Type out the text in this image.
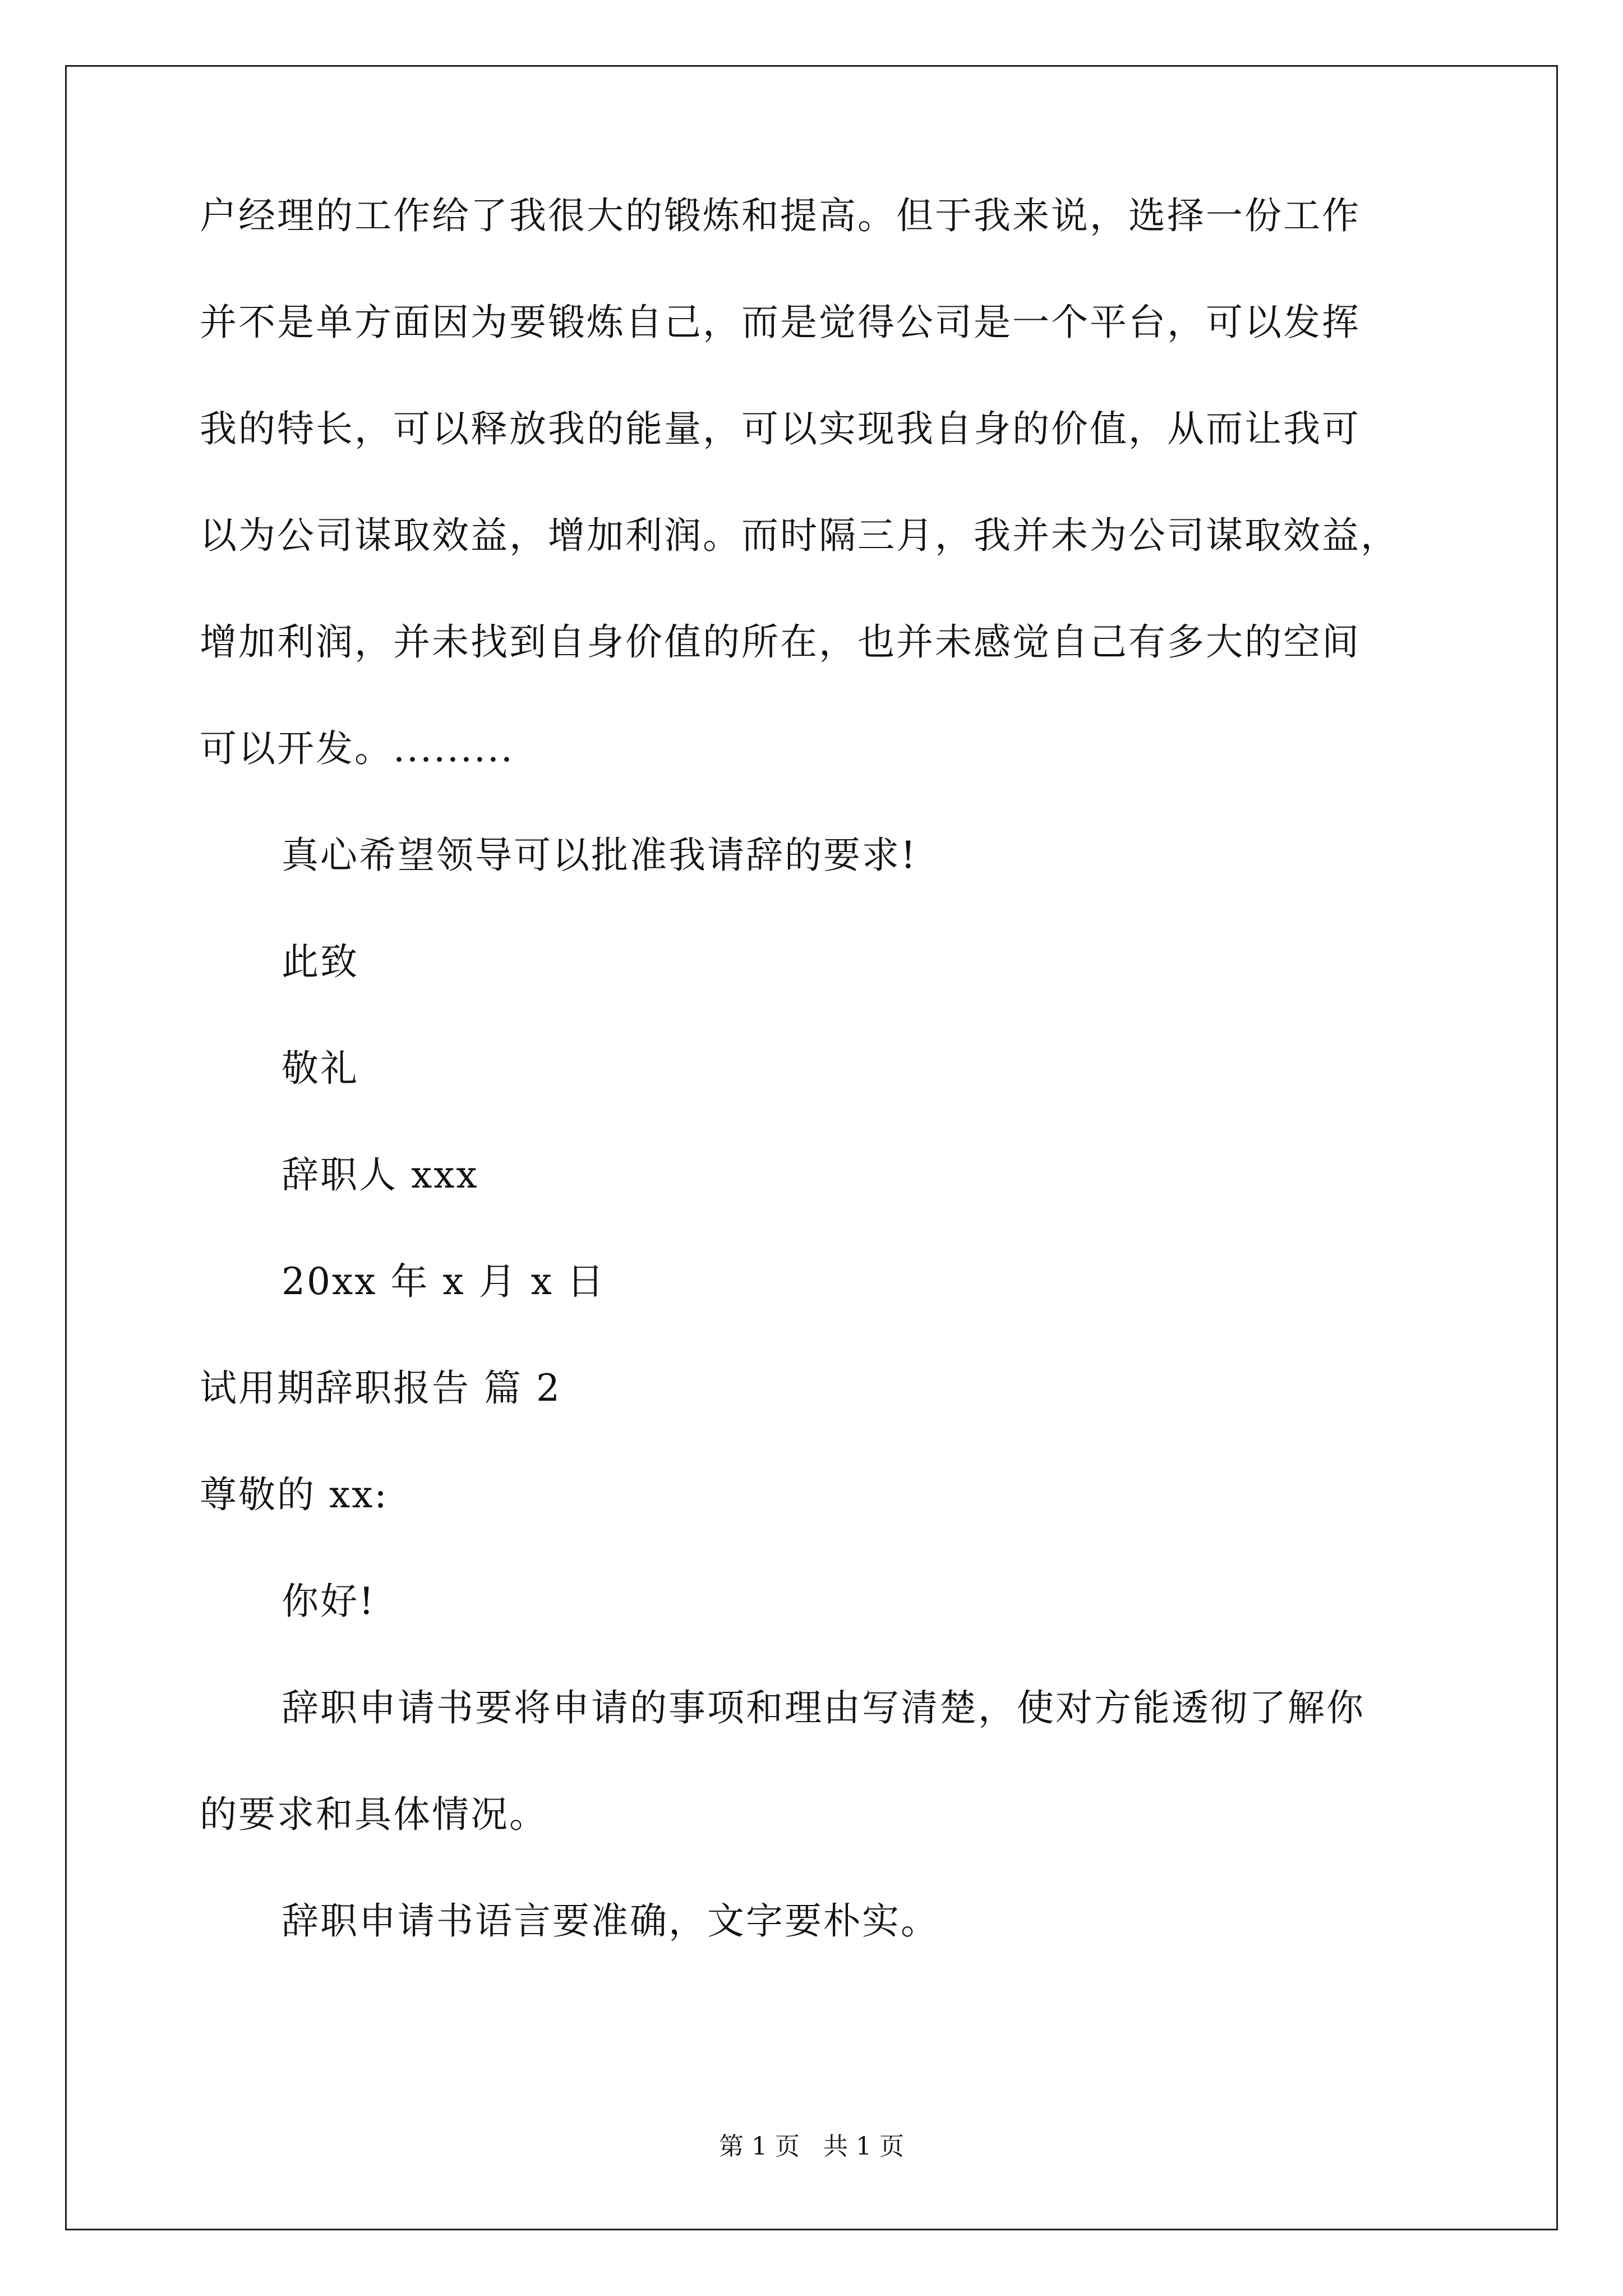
户经理的工作给了我很大的锻炼和提高。但于我来说，选择一份工作
并不是单方面因为要锻炼自己，而是觉得公司是一个平台，可以发挥
我的特长，可以释放我的能量，可以实现我自身的价值，从而让我可
以为公司谋取效益，增加利润。而时隔三月，我并未为公司谋取效益，
增加利润，并未找到自身价值的所在，也并未感觉自己有多大的空间
可以开发。.........
真心希望领导可以批准我请辞的要求!
此致
敬礼
辞职人 xxx
20xx 年 x 月 x 日
试用期辞职报告 篇 2
尊敬的 xx:
你好!
辞职申请书要将申请的事项和理由写清楚，使对方能透彻了解你
的要求和具体情况。
辞职申请书语言要准确，文字要朴实。
第 1 页   共 1 页
